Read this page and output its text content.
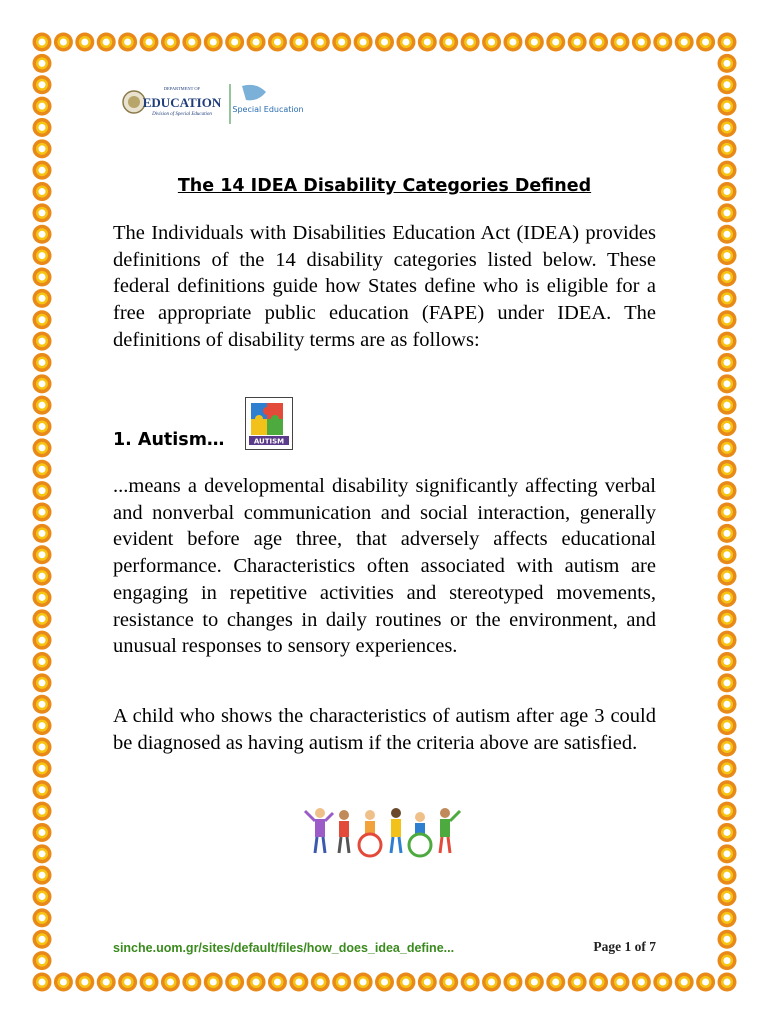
The 14 IDEA Disability Categories Defined

The Individuals with Disabilities Education Act (IDEA) provides definitions of the 14 disability categories listed below. These federal definitions guide how States define who is eligible for a free appropriate public education (FAPE) under IDEA. The definitions of disability terms are as follows:

1. Autism…

...means a developmental disability significantly affecting verbal and nonverbal communication and social interaction, generally evident before age three, that adversely affects educational performance. Characteristics often associated with autism are engaging in repetitive activities and stereotyped movements, resistance to changes in daily routines or the environment, and unusual responses to sensory experiences.

A child who shows the characteristics of autism after age 3 could be diagnosed as having autism if the criteria above are satisfied.

sinche.uom.gr/sites/default/files/how_does_idea_define...	Page 1 of 7

DEPARTMENT OF
EDUCATION
Division of Special Education
Special Education
AUTISM
